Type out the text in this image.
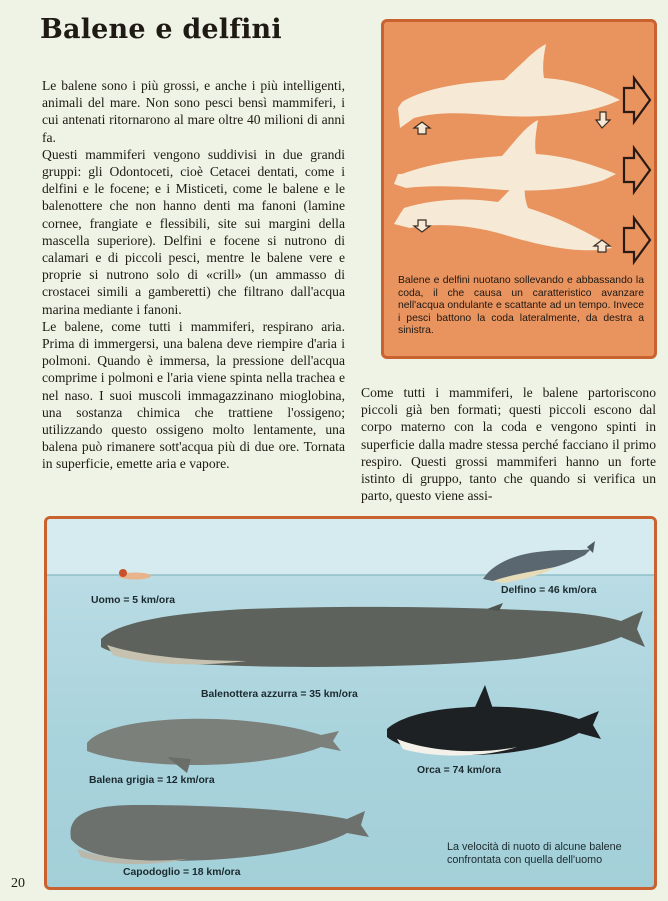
Balene e delfini

Le balene sono i più grossi, e anche i più intelligenti, animali del mare. Non sono pesci bensì mammiferi, i cui antenati ritornarono al mare oltre 40 milioni di anni fa.

Questi mammiferi vengono suddivisi in due grandi gruppi: gli Odontoceti, cioè Cetacei dentati, come i delfini e le focene; e i Misticeti, come le balene e le balenottere che non hanno denti ma fanoni (lamine cornee, frangiate e flessibili, site sui margini della mascella superiore). Delfini e focene si nutrono di calamari e di piccoli pesci, mentre le balene vere e proprie si nutrono solo di «crill» (un ammasso di crostacei simili a gamberetti) che filtrano dall'acqua marina mediante i fanoni.

Le balene, come tutti i mammiferi, respirano aria. Prima di immergersi, una balena deve riempire d'aria i polmoni. Quando è immersa, la pressione dell'acqua comprime i polmoni e l'aria viene spinta nella trachea e nel naso. I suoi muscoli immagazzinano mioglobina, una sostanza chimica che trattiene l'ossigeno; utilizzando questo ossigeno molto lentamente, una balena può rimanere sott'acqua più di due ore. Tornata in superficie, emette aria e vapore.

Balene e delfini nuotano sollevando e abbassando la coda, il che causa un caratteristico avanzare nell'acqua ondulante e scattante ad un tempo. Invece i pesci battono la coda lateralmente, da destra a sinistra.

Come tutti i mammiferi, le balene partoriscono piccoli già ben formati; questi piccoli escono dal corpo materno con la coda e vengono spinti in superficie dalla madre stessa perché facciano il primo respiro. Questi grossi mammiferi hanno un forte istinto di gruppo, tanto che quando si verifica un parto, questo viene assi-

Uomo = 5 km/ora
Delfino = 46 km/ora
Balenottera azzurra = 35 km/ora
Balena grigia = 12 km/ora
Orca = 74 km/ora
Capodoglio = 18 km/ora
La velocità di nuoto di alcune balene confrontata con quella dell'uomo
20
